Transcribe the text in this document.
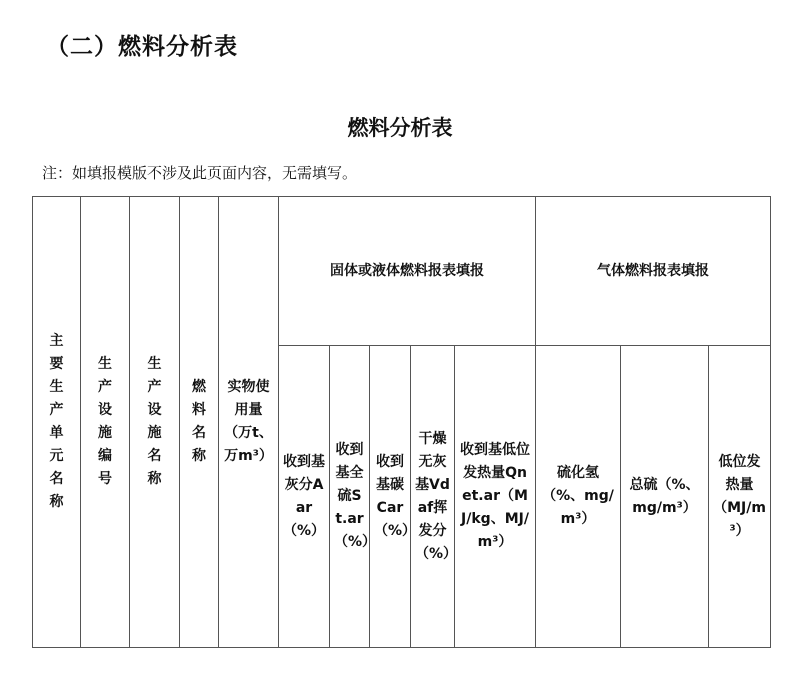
（二）燃料分析表
燃料分析表
注：如填报模版不涉及此页面内容，无需填写。
主要生产单元名称	生产设施编号	生产设施名称	燃料名称	实物使用量（万t、万m³）	固体或液体燃料报表填报					气体燃料报表填报		
					收到基灰分Aar（%）	收到基全硫St.ar（%）	收到基碳Car（%）	干燥无灰基Vdaf挥发分（%）	收到基低位发热量Qnet.ar（MJ/kg、MJ/m³）	硫化氢（%、mg/m³）	总硫（%、mg/m³）	低位发热量（MJ/m³）
